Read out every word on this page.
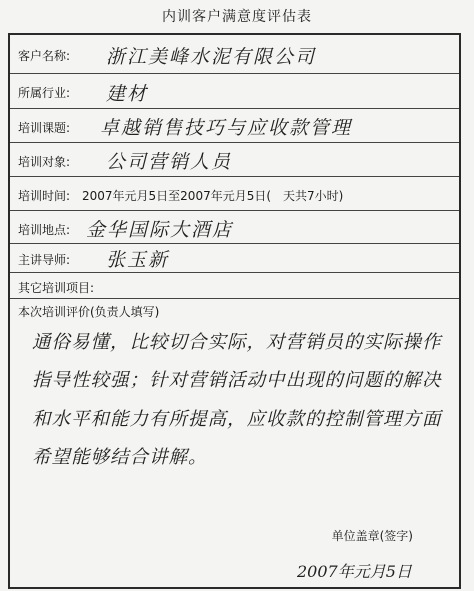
内训客户满意度评估表
客户名称: 浙江美峰水泥有限公司
所属行业: 建材
培训课题: 卓越销售技巧与应收款管理
培训对象: 公司营销人员
培训时间: 2007年元月5日至2007年元月5日(　天共7小时)
培训地点: 金华国际大酒店
主讲导师: 张玉新
其它培训项目:
本次培训评价(负责人填写)
通俗易懂，比较切合实际，对营销员的实际操作指导性较强；针对营销活动中出现的问题的解决和水平和能力有所提高，应收款的控制管理方面希望能够结合讲解。
单位盖章(签字)
2007年元月5日
